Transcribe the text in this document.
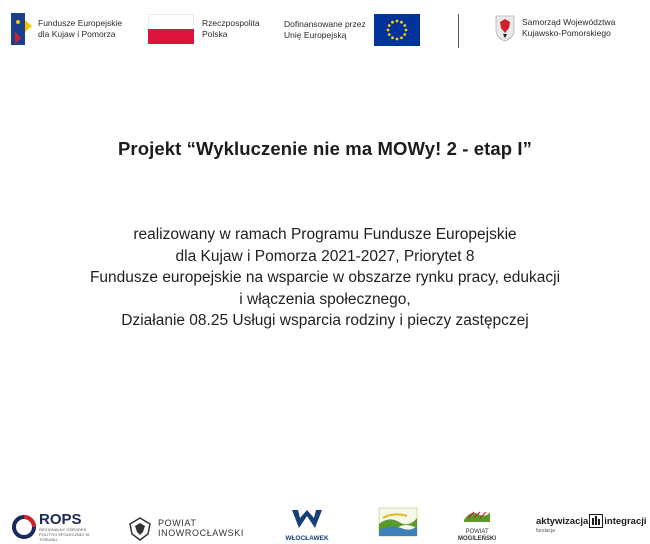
Fundusze Europejskie
dla Kujaw i Pomorza
Rzeczpospolita
Polska
Dofinansowane przez
Unię Europejską
Samorząd Województwa
Kujawsko-Pomorskiego
Projekt “Wykluczenie nie ma MOWy! 2 - etap I”
realizowany w ramach Programu Fundusze Europejskie
dla Kujaw i Pomorza 2021-2027, Priorytet 8
Fundusze europejskie na wsparcie w obszarze rynku pracy, edukacji
i włączenia społecznego,
Działanie 08.25 Usługi wsparcia rodziny i pieczy zastępczej
ROPS
REGIONALNY OŚRODEK POLITYKI SPOŁECZNEJ W TORUNIU
POWIAT
INOWROCŁAWSKI
WŁOCŁAWEK
POWIAT MOGILEŃSKI
aktywizacja integracji
fundacja
